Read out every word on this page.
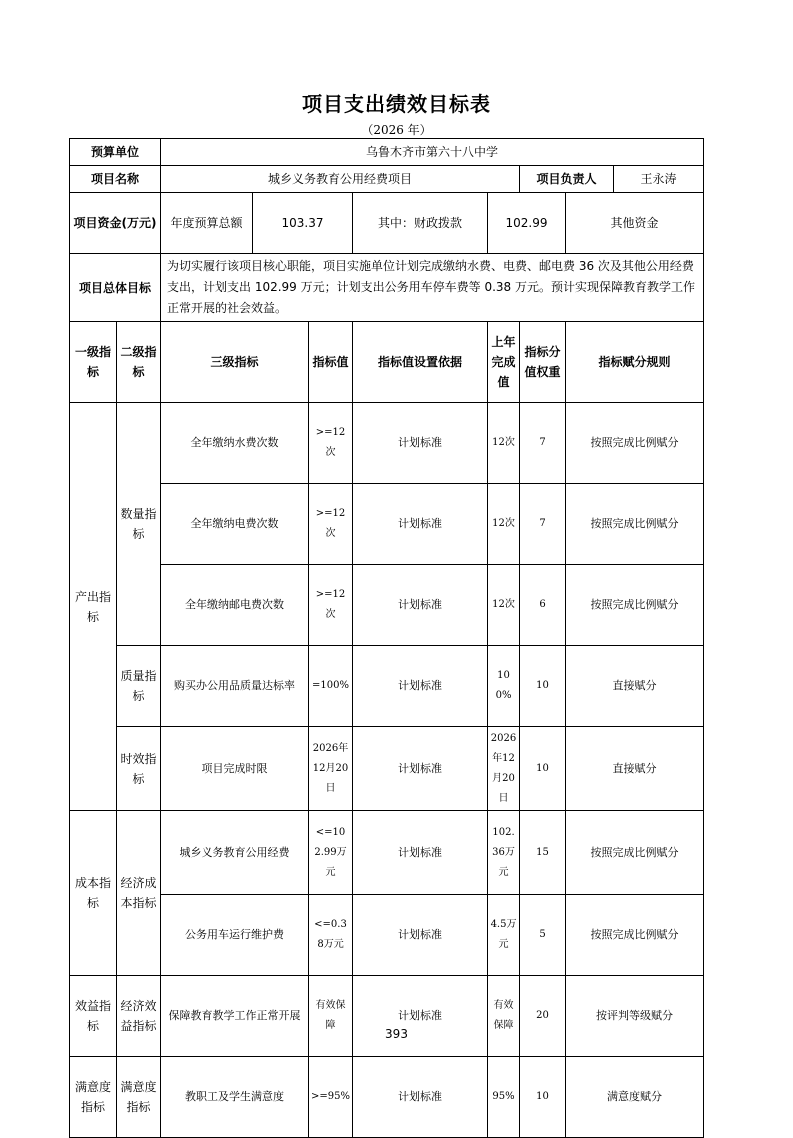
项目支出绩效目标表
（2026 年）
预算单位		乌鲁木齐市第六十八中学								
项目名称		城乡义务教育公用经费项目					项目负责人		王永涛	
项目资金(万元)		年度预算总额	103.37		其中：财政拨款	102.99		其他资金	
项目总体目标		为切实履行该项目核心职能，项目实施单位计划完成缴纳水费、电费、邮电费 36 次及其他公用经费支出，计划支出 102.99 万元；计划支出公务用车停车费等 0.38 万元。预计实现保障教育教学工作正常开展的社会效益。								
一级指标	二级指标	三级指标		指标值	指标值设置依据	上年完成值	指标分值权重	指标赋分规则	
产出指标	数量指标	全年缴纳水费次数		>=12次	计划标准	12次	7	按照完成比例赋分	
		全年缴纳电费次数		>=12次	计划标准	12次	7	按照完成比例赋分	
		全年缴纳邮电费次数		>=12次	计划标准	12次	6	按照完成比例赋分	
	质量指标	购买办公用品质量达标率		=100%	计划标准	100%	10	直接赋分	
	时效指标	项目完成时限		2026年12月20日	计划标准	2026年12月20日	10	直接赋分	
成本指标	经济成本指标	城乡义务教育公用经费		<=102.99万元	计划标准	102.36万元	15	按照完成比例赋分	
		公务用车运行维护费		<=0.38万元	计划标准	4.5万元	5	按照完成比例赋分	
效益指标	经济效益指标	保障教育教学工作正常开展		有效保障	计划标准	有效保障	20	按评判等级赋分	
满意度指标	满意度指标	教职工及学生满意度		>=95%	计划标准	95%	10	满意度赋分	
393
